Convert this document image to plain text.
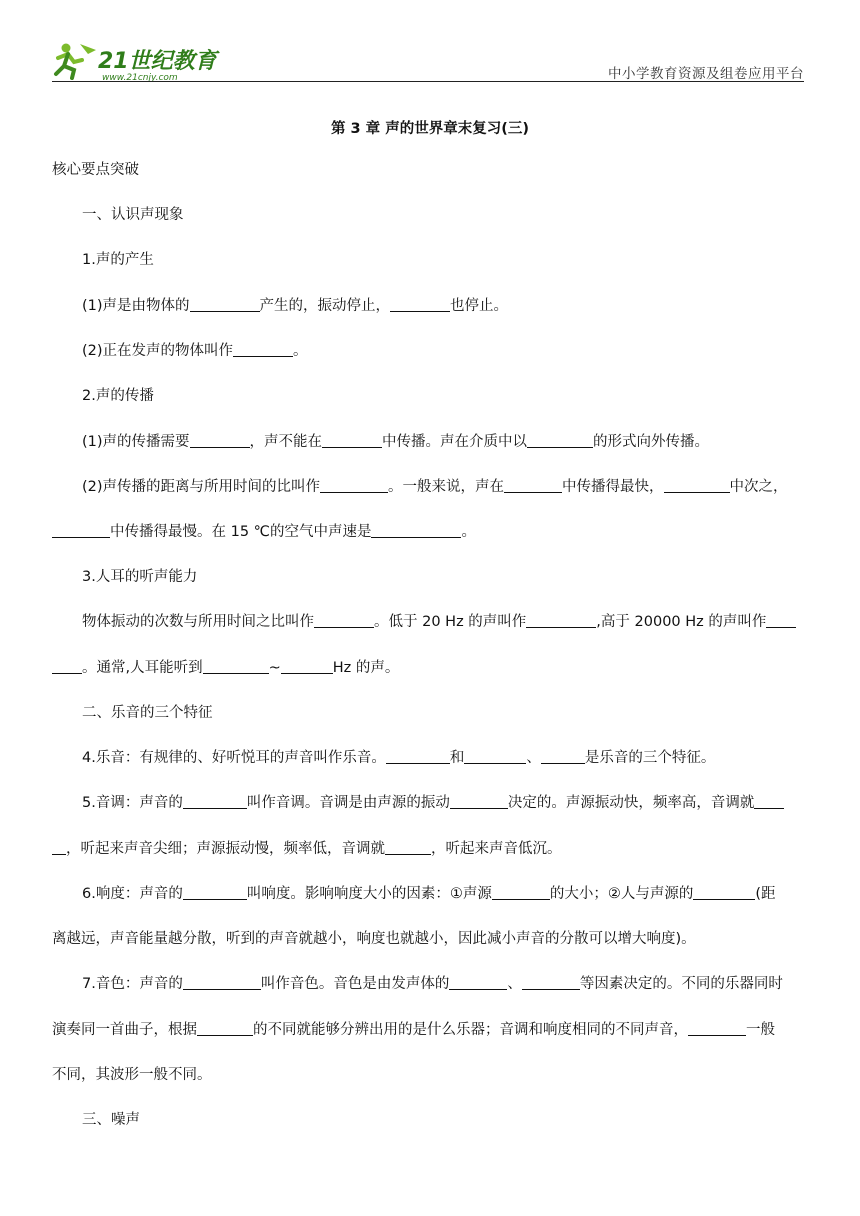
21世纪教育
www.21cnjy.com	中小学教育资源及组卷应用平台
第 3 章 声的世界章末复习(三)
核心要点突破
一、认识声现象
1.声的产生
(1)声是由物体的	产生的，振动停止，	也停止。
(2)正在发声的物体叫作	。
2.声的传播
(1)声的传播需要	，声不能在	中传播。声在介质中以	的形式向外传播。
(2)声传播的距离与所用时间的比叫作	。一般来说，声在	中传播得最快，	中次之，
中传播得最慢。在 15 ℃的空气中声速是	。
3.人耳的听声能力
物体振动的次数与所用时间之比叫作	。低于 20 Hz 的声叫作	,高于 20000 Hz 的声叫作
。通常,人耳能听到	~	Hz 的声。
二、乐音的三个特征
4.乐音：有规律的、好听悦耳的声音叫作乐音。	和	、	是乐音的三个特征。
5.音调：声音的	叫作音调。音调是由声源的振动	决定的。声源振动快，频率高，音调就
，听起来声音尖细；声源振动慢，频率低，音调就	，听起来声音低沉。
6.响度：声音的	叫响度。影响响度大小的因素：①声源	的大小；②人与声源的	(距
离越远，声音能量越分散，听到的声音就越小，响度也就越小，因此减小声音的分散可以增大响度)。
7.音色：声音的	叫作音色。音色是由发声体的	、	等因素决定的。不同的乐器同时
演奏同一首曲子，根据	的不同就能够分辨出用的是什么乐器；音调和响度相同的不同声音，	一般
不同，其波形一般不同。
三、噪声
